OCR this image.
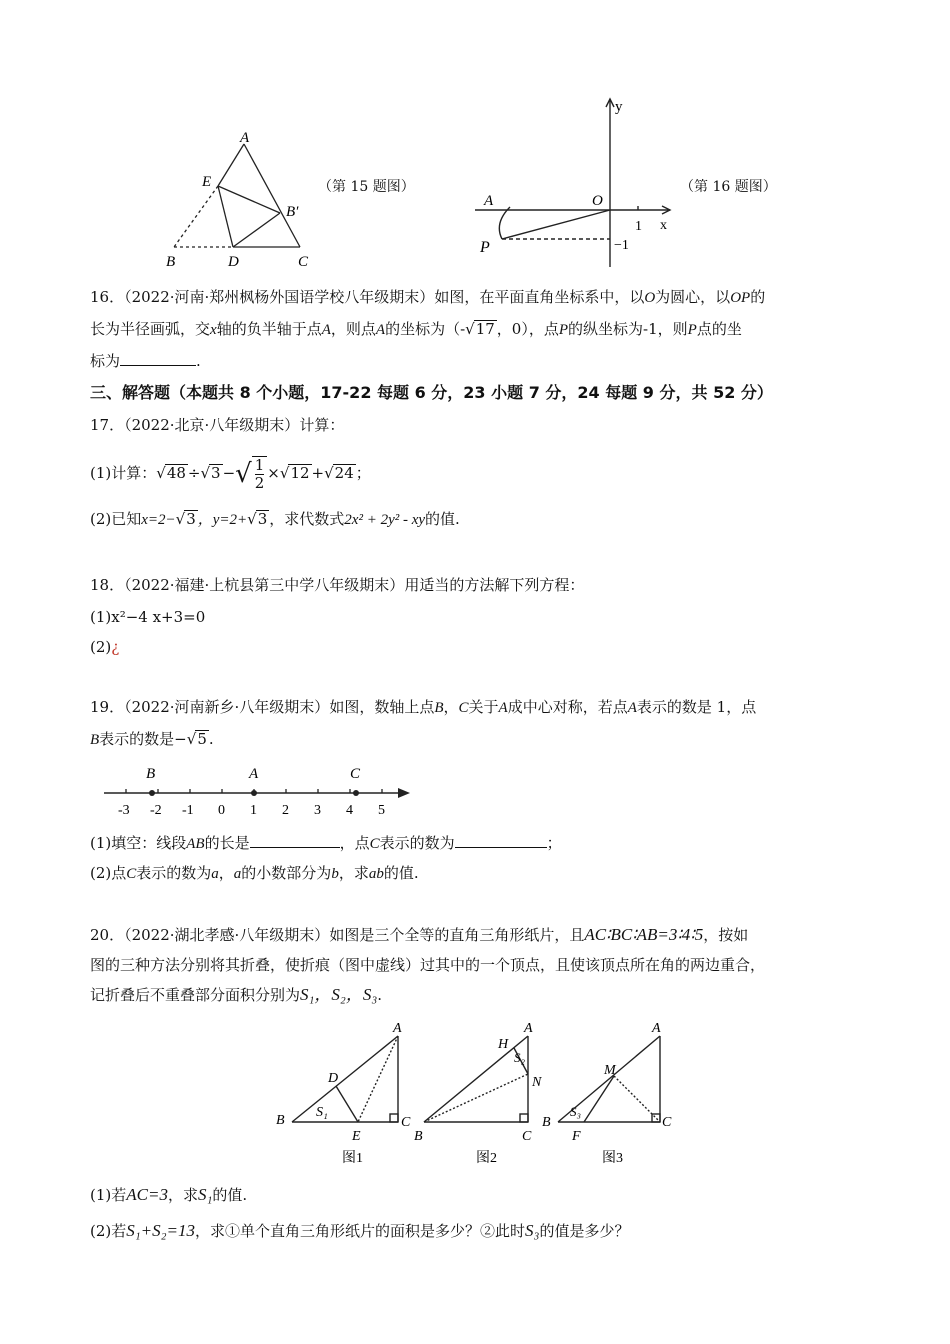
A
E
B′
B	D	C
（第 15 题图）
y
x
O
A
P
1
−1
（第 16 题图）
16．（2022·河南·郑州枫杨外国语学校八年级期末）如图，在平面直角坐标系中，以O为圆心，以OP的
长为半径画弧，交x轴的负半轴于点A，则点A的坐标为（-√17 ，0），点P的纵坐标为-1，则P点的坐
标为	.
三、解答题（本题共 8 个小题，17-22 每题 6 分，23 小题 7 分，24 每题 9 分，共 52 分）
17．（2022·北京·八年级期末）计算：
(1)计算：√48 ÷√3 −√ $\frac{1}{2} \times√12 +√24$ ；
(2)已知x=2−√3 ，y=2+√3 ，求代数式2x² + 2y² - xy的值.
18．（2022·福建·上杭县第三中学八年级期末）用适当的方法解下列方程：
(1)x²−4 x+3=0
(2)¿
19．（2022·河南新乡·八年级期末）如图，数轴上点B，C关于A成中心对称，若点A表示的数是 1，点
B表示的数是−√5 .
-3 -2 -1 0 1 2 3 4 5
B	A	C
(1)填空：线段AB的长是	，点C表示的数为	；
(2)点C表示的数为a，a的小数部分为b，求ab的值.
20．（2022·湖北孝感·八年级期末）如图是三个全等的直角三角形纸片，且AC∶BC∶AB=3∶4∶5，按如
图的三种方法分别将其折叠，使折痕（图中虚线）过其中的一个顶点，且使该顶点所在角的两边重合，
记折叠后不重叠部分面积分别为S₁，S₂，S₃.
A
D
S₁
B	C
E
图1
A
H
S₂
N
B	C
图2
A
M
S₃
B	C
F
图3
(1)若AC=3，求S₁的值.
(2)若S₁+S₂=13，求①单个直角三角形纸片的面积是多少？②此时S₃的值是多少？
